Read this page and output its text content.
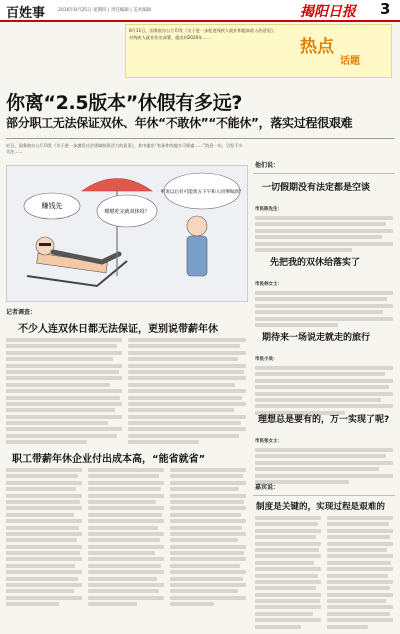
百姓事	2016年8月25日 星期四 | 责任编辑 | 美术编辑	揭阳日报 3
8月11日，国务院办公厅印发《关于进一步促进残疾人就业和提高收入的意见》，对残疾人就业作出部署，提出到2020年……	热点
话题
你离“2.5版本”休假有多远?
部分职工无法保证双休、年休“不敢休”“不能休”，落实过程很艰难
近日，国务院办公厅印发《关于进一步激发社会领域投资活力的意见》，其中提出“有条件的地方可探索……”消息一出，引发不少关注……
赚钱先
嗯嗯吃完就双休吗？
听说以后有可能周五下午和人同事喝酒？
记者调查：
不少人连双休日都无法保证，更别说带薪年休
职工带薪年休企业付出成本高，“能省就省”
他们说：
一切假期没有法定都是空谈
市民陈先生：
先把我的双休给落实了
市民林女士：
期待来一场说走就走的旅行
市民小吴：
理想总是要有的，万一实现了呢?
市民张女士：
嘉宾说：
制度是关键的，实现过程是艰难的
